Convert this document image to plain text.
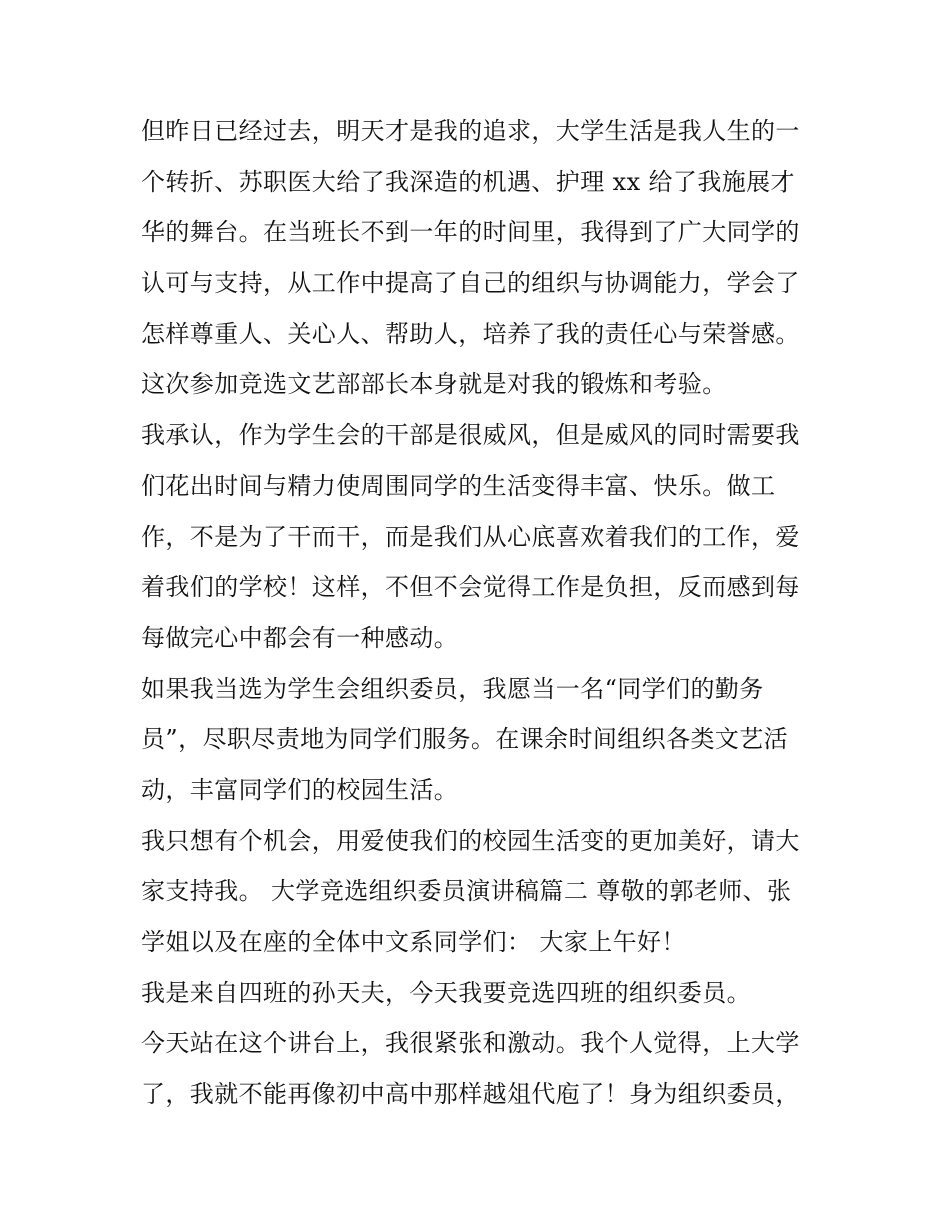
但昨日已经过去，明天才是我的追求，大学生活是我人生的一
个转折、苏职医大给了我深造的机遇、护理 xx 给了我施展才
华的舞台。在当班长不到一年的时间里，我得到了广大同学的
认可与支持，从工作中提高了自己的组织与协调能力，学会了
怎样尊重人、关心人、帮助人，培养了我的责任心与荣誉感。
这次参加竞选文艺部部长本身就是对我的锻炼和考验。
我承认，作为学生会的干部是很威风，但是威风的同时需要我
们花出时间与精力使周围同学的生活变得丰富、快乐。做工
作，不是为了干而干，而是我们从心底喜欢着我们的工作，爱
着我们的学校！这样，不但不会觉得工作是负担，反而感到每
每做完心中都会有一种感动。
如果我当选为学生会组织委员，我愿当一名“同学们的勤务
员”，尽职尽责地为同学们服务。在课余时间组织各类文艺活
动，丰富同学们的校园生活。
我只想有个机会，用爱使我们的校园生活变的更加美好，请大
家支持我。 大学竞选组织委员演讲稿篇二 尊敬的郭老师、张
学姐以及在座的全体中文系同学们： 大家上午好！
我是来自四班的孙天夫，今天我要竞选四班的组织委员。
今天站在这个讲台上，我很紧张和激动。我个人觉得，上大学
了，我就不能再像初中高中那样越俎代庖了！身为组织委员，
